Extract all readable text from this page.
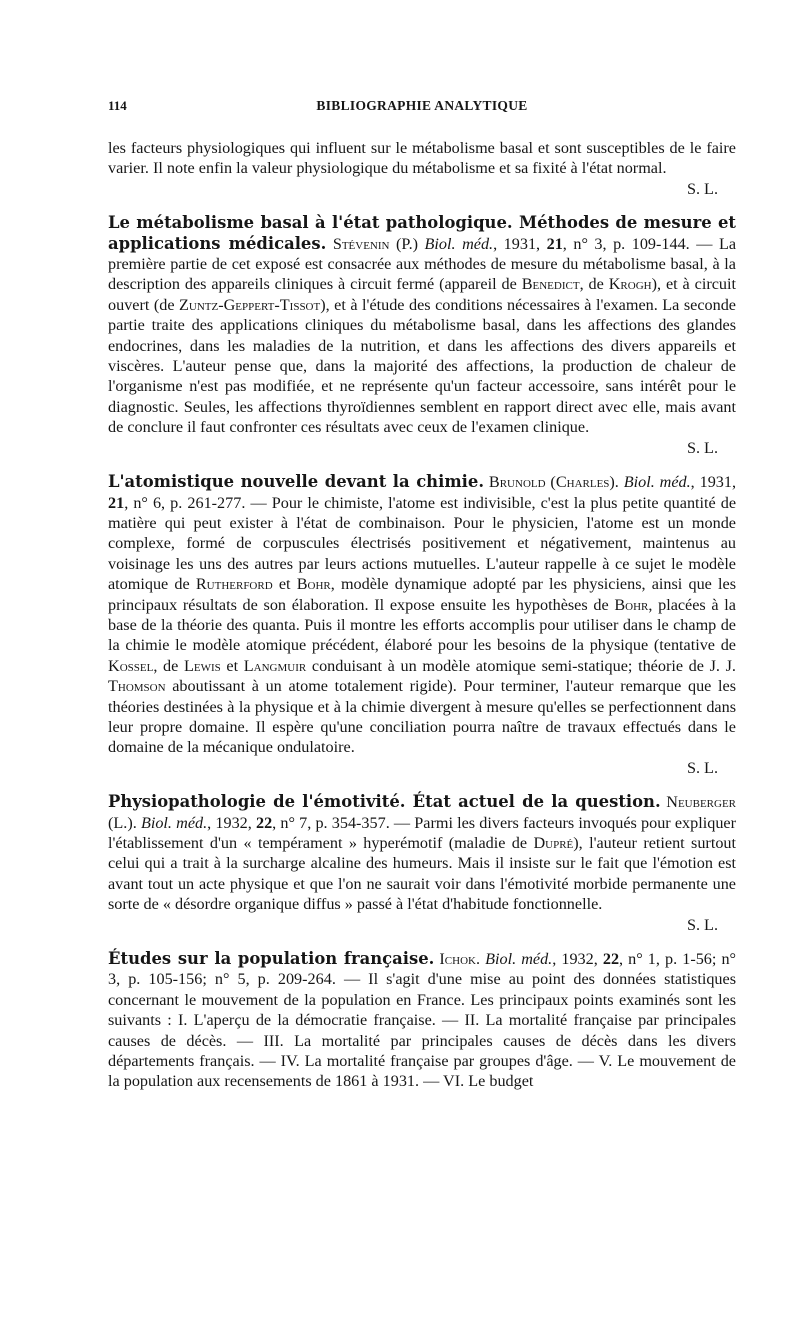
114	BIBLIOGRAPHIE ANALYTIQUE

les facteurs physiologiques qui influent sur le métabolisme basal et sont susceptibles de le faire varier. Il note enfin la valeur physiologique du métabolisme et sa fixité à l'état normal.
S. L.

Le métabolisme basal à l'état pathologique. Méthodes de mesure et applications médicales. Stévenin (P.) Biol. méd., 1931, 21, n° 3, p. 109-144. — La première partie de cet exposé est consacrée aux méthodes de mesure du métabolisme basal, à la description des appareils cliniques à circuit fermé (appareil de Benedict, de Krogh), et à circuit ouvert (de Zuntz-Geppert-Tissot), et à l'étude des conditions nécessaires à l'examen. La seconde partie traite des applications cliniques du métabolisme basal, dans les affections des glandes endocrines, dans les maladies de la nutrition, et dans les affections des divers appareils et viscères. L'auteur pense que, dans la majorité des affections, la production de chaleur de l'organisme n'est pas modifiée, et ne représente qu'un facteur accessoire, sans intérêt pour le diagnostic. Seules, les affections thyroïdiennes semblent en rapport direct avec elle, mais avant de conclure il faut confronter ces résultats avec ceux de l'examen clinique.
S. L.

L'atomistique nouvelle devant la chimie. Brunold (Charles). Biol. méd., 1931, 21, n° 6, p. 261-277. — Pour le chimiste, l'atome est indivisible, c'est la plus petite quantité de matière qui peut exister à l'état de combinaison. Pour le physicien, l'atome est un monde complexe, formé de corpuscules électrisés positivement et négativement, maintenus au voisinage les uns des autres par leurs actions mutuelles. L'auteur rappelle à ce sujet le modèle atomique de Rutherford et Bohr, modèle dynamique adopté par les physiciens, ainsi que les principaux résultats de son élaboration. Il expose ensuite les hypothèses de Bohr, placées à la base de la théorie des quanta. Puis il montre les efforts accomplis pour utiliser dans le champ de la chimie le modèle atomique précédent, élaboré pour les besoins de la physique (tentative de Kossel, de Lewis et Langmuir conduisant à un modèle atomique semi-statique; théorie de J. J. Thomson aboutissant à un atome totalement rigide). Pour terminer, l'auteur remarque que les théories destinées à la physique et à la chimie divergent à mesure qu'elles se perfectionnent dans leur propre domaine. Il espère qu'une conciliation pourra naître de travaux effectués dans le domaine de la mécanique ondulatoire.
S. L.

Physiopathologie de l'émotivité. État actuel de la question. Neuberger (L.). Biol. méd., 1932, 22, n° 7, p. 354-357. — Parmi les divers facteurs invoqués pour expliquer l'établissement d'un « tempérament » hyperémotif (maladie de Dupré), l'auteur retient surtout celui qui a trait à la surcharge alcaline des humeurs. Mais il insiste sur le fait que l'émotion est avant tout un acte physique et que l'on ne saurait voir dans l'émotivité morbide permanente une sorte de « désordre organique diffus » passé à l'état d'habitude fonctionnelle.
S. L.

Études sur la population française. Ichok. Biol. méd., 1932, 22, n° 1, p. 1-56; n° 3, p. 105-156; n° 5, p. 209-264. — Il s'agit d'une mise au point des données statistiques concernant le mouvement de la population en France. Les principaux points examinés sont les suivants : I. L'aperçu de la démocratie française. — II. La mortalité française par principales causes de décès. — III. La mortalité par principales causes de décès dans les divers départements français. — IV. La mortalité française par groupes d'âge. — V. Le mouvement de la population aux recensements de 1861 à 1931. — VI. Le budget
